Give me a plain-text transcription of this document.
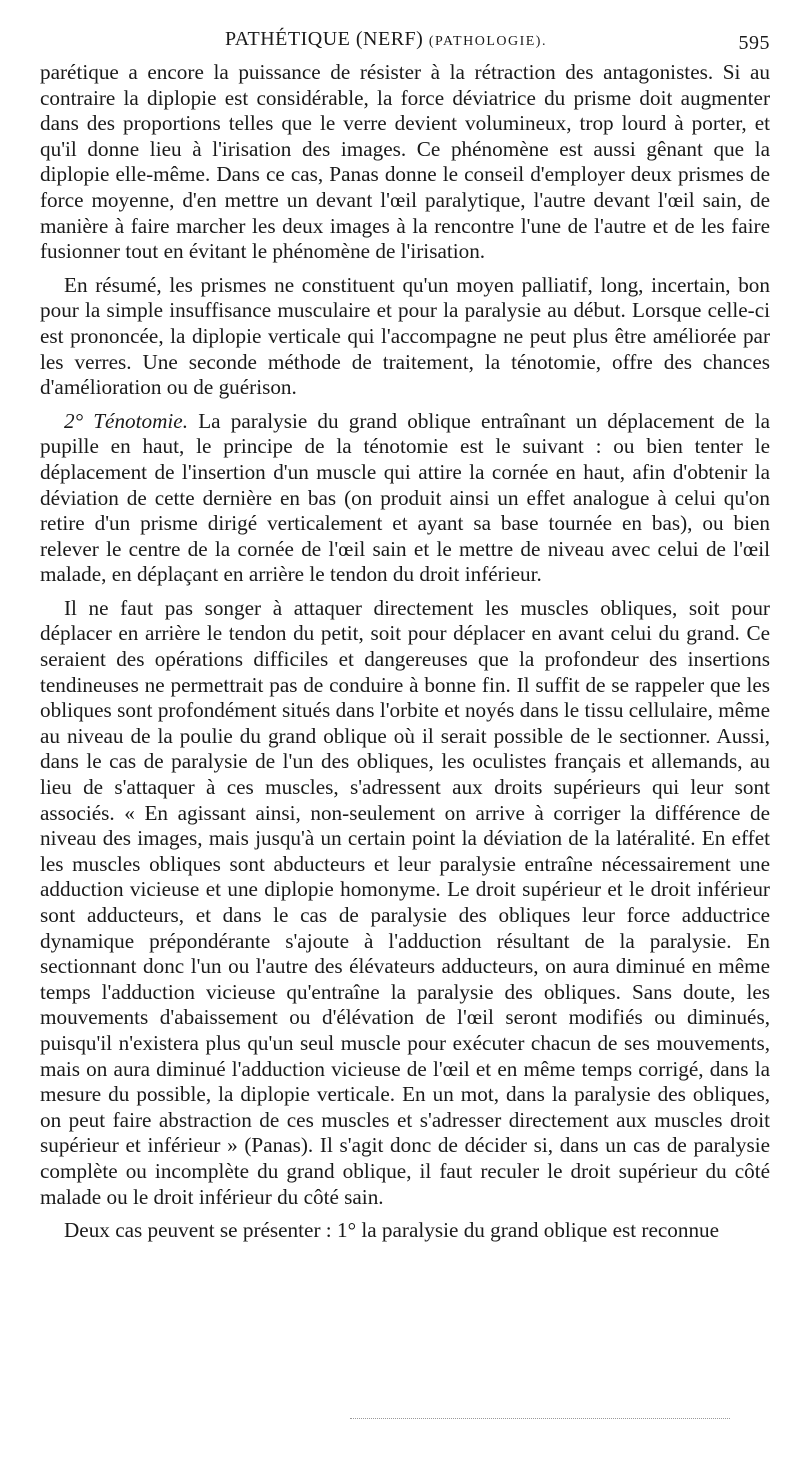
PATHÉTIQUE (NERF) (PATHOLOGIE).	595

parétique a encore la puissance de résister à la rétraction des antagonistes. Si au contraire la diplopie est considérable, la force déviatrice du prisme doit augmenter dans des proportions telles que le verre devient volumineux, trop lourd à porter, et qu'il donne lieu à l'irisation des images. Ce phénomène est aussi gênant que la diplopie elle-même. Dans ce cas, Panas donne le conseil d'employer deux prismes de force moyenne, d'en mettre un devant l'œil paralytique, l'autre devant l'œil sain, de manière à faire marcher les deux images à la rencontre l'une de l'autre et de les faire fusionner tout en évitant le phénomène de l'irisation.

En résumé, les prismes ne constituent qu'un moyen palliatif, long, incertain, bon pour la simple insuffisance musculaire et pour la paralysie au début. Lorsque celle-ci est prononcée, la diplopie verticale qui l'accompagne ne peut plus être améliorée par les verres. Une seconde méthode de traitement, la ténotomie, offre des chances d'amélioration ou de guérison.

2° Ténotomie. La paralysie du grand oblique entraînant un déplacement de la pupille en haut, le principe de la ténotomie est le suivant : ou bien tenter le déplacement de l'insertion d'un muscle qui attire la cornée en haut, afin d'obtenir la déviation de cette dernière en bas (on produit ainsi un effet analogue à celui qu'on retire d'un prisme dirigé verticalement et ayant sa base tournée en bas), ou bien relever le centre de la cornée de l'œil sain et le mettre de niveau avec celui de l'œil malade, en déplaçant en arrière le tendon du droit inférieur.

Il ne faut pas songer à attaquer directement les muscles obliques, soit pour déplacer en arrière le tendon du petit, soit pour déplacer en avant celui du grand. Ce seraient des opérations difficiles et dangereuses que la profondeur des insertions tendineuses ne permettrait pas de conduire à bonne fin. Il suffit de se rappeler que les obliques sont profondément situés dans l'orbite et noyés dans le tissu cellulaire, même au niveau de la poulie du grand oblique où il serait possible de le sectionner. Aussi, dans le cas de paralysie de l'un des obliques, les oculistes français et allemands, au lieu de s'attaquer à ces muscles, s'adressent aux droits supérieurs qui leur sont associés. « En agissant ainsi, non-seulement on arrive à corriger la différence de niveau des images, mais jusqu'à un certain point la déviation de la latéralité. En effet les muscles obliques sont abducteurs et leur paralysie entraîne nécessairement une adduction vicieuse et une diplopie homonyme. Le droit supérieur et le droit inférieur sont adducteurs, et dans le cas de paralysie des obliques leur force adductrice dynamique prépondérante s'ajoute à l'adduction résultant de la paralysie. En sectionnant donc l'un ou l'autre des élévateurs adducteurs, on aura diminué en même temps l'adduction vicieuse qu'entraîne la paralysie des obliques. Sans doute, les mouvements d'abaissement ou d'élévation de l'œil seront modifiés ou diminués, puisqu'il n'existera plus qu'un seul muscle pour exécuter chacun de ses mouvements, mais on aura diminué l'adduction vicieuse de l'œil et en même temps corrigé, dans la mesure du possible, la diplopie verticale. En un mot, dans la paralysie des obliques, on peut faire abstraction de ces muscles et s'adresser directement aux muscles droit supérieur et inférieur » (Panas). Il s'agit donc de décider si, dans un cas de paralysie complète ou incomplète du grand oblique, il faut reculer le droit supérieur du côté malade ou le droit inférieur du côté sain.

Deux cas peuvent se présenter : 1° la paralysie du grand oblique est reconnue
